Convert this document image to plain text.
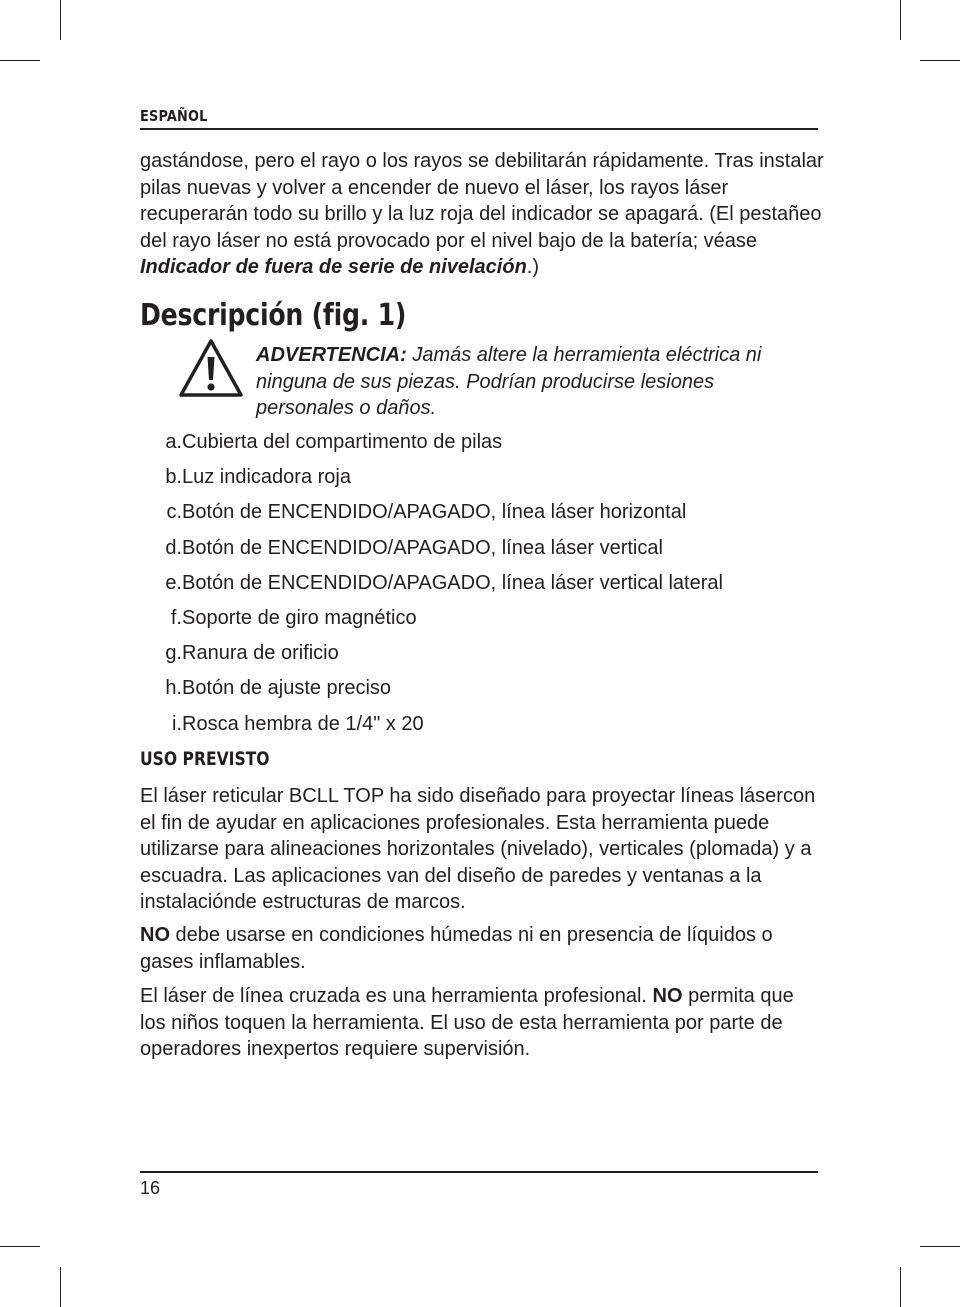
ESPAÑOL
gastándose, pero el rayo o los rayos se debilitarán rápidamente. Tras instalar pilas nuevas y volver a encender de nuevo el láser, los rayos láser recuperarán todo su brillo y la luz roja del indicador se apagará. (El pestañeo del rayo láser no está provocado por el nivel bajo de la batería; véase Indicador de fuera de serie de nivelación.)
Descripción (fig. 1)
ADVERTENCIA: Jamás altere la herramienta eléctrica ni ninguna de sus piezas. Podrían producirse lesiones personales o daños.
a. Cubierta del compartimento de pilas
b. Luz indicadora roja
c. Botón de ENCENDIDO/APAGADO, línea láser horizontal
d. Botón de ENCENDIDO/APAGADO, línea láser vertical
e. Botón de ENCENDIDO/APAGADO, línea láser vertical lateral
f. Soporte de giro magnético
g. Ranura de orificio
h. Botón de ajuste preciso
i. Rosca hembra de 1/4" x 20
USO PREVISTO

El láser reticular BCLL TOP ha sido diseñado para proyectar líneas lásercon el fin de ayudar en aplicaciones profesionales. Esta herramienta puede utilizarse para alineaciones horizontales (nivelado), verticales (plomada) y a escuadra. Las aplicaciones van del diseño de paredes y ventanas a la instalaciónde estructuras de marcos.

NO debe usarse en condiciones húmedas ni en presencia de líquidos o gases inflamables.

El láser de línea cruzada es una herramienta profesional. NO permita que los niños toquen la herramienta. El uso de esta herramienta por parte de operadores inexpertos requiere supervisión.

16
